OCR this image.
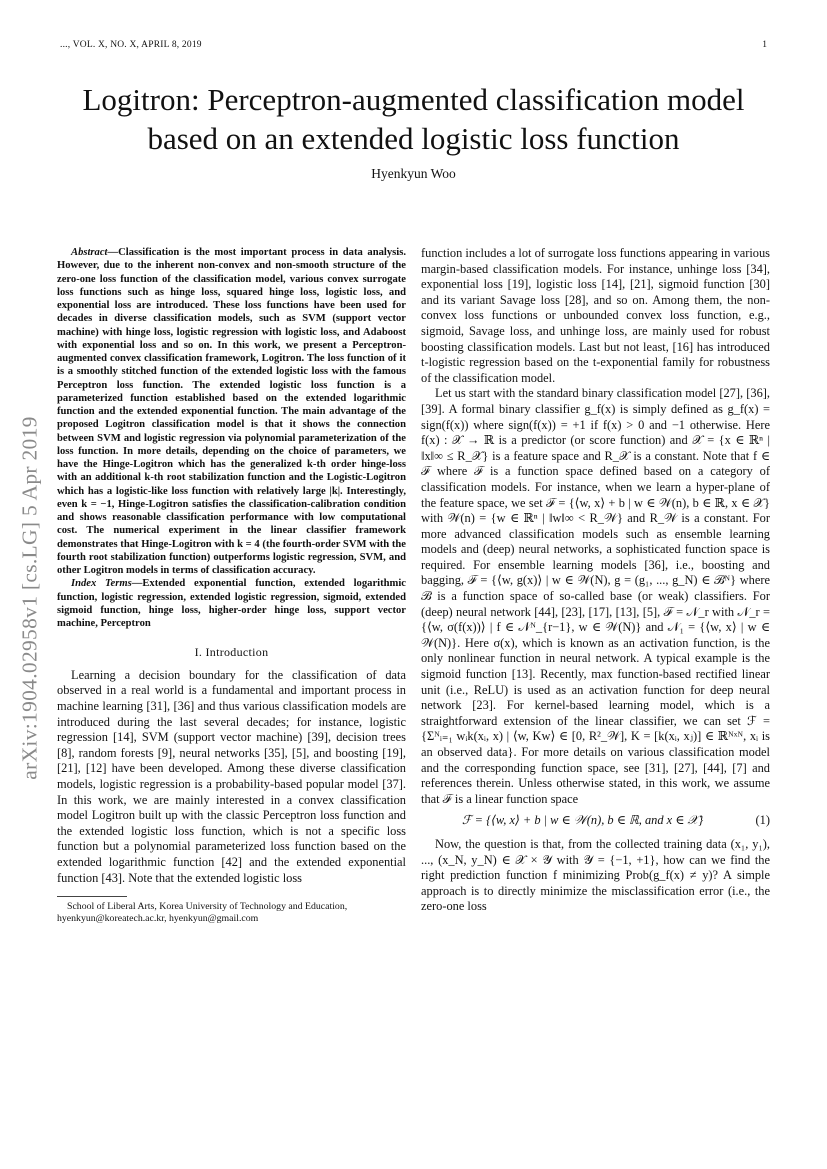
..., VOL. X, NO. X, APRIL 8, 2019	1
Logitron: Perceptron-augmented classification model based on an extended logistic loss function
Hyenkyun Woo
arXiv:1904.02958v1 [cs.LG] 5 Apr 2019

Abstract—Classification is the most important process in data analysis. However, due to the inherent non-convex and non-smooth structure of the zero-one loss function of the classification model, various convex surrogate loss functions such as hinge loss, squared hinge loss, logistic loss, and exponential loss are introduced. These loss functions have been used for decades in diverse classification models, such as SVM (support vector machine) with hinge loss, logistic regression with logistic loss, and Adaboost with exponential loss and so on. In this work, we present a Perceptron-augmented convex classification framework, Logitron. The loss function of it is a smoothly stitched function of the extended logistic loss with the famous Perceptron loss function. The extended logistic loss function is a parameterized function established based on the extended logarithmic function and the extended exponential function. The main advantage of the proposed Logitron classification model is that it shows the connection between SVM and logistic regression via polynomial parameterization of the loss function. In more details, depending on the choice of parameters, we have the Hinge-Logitron which has the generalized k-th order hinge-loss with an additional k-th root stabilization function and the Logistic-Logitron which has a logistic-like loss function with relatively large |k|. Interestingly, even k = −1, Hinge-Logitron satisfies the classification-calibration condition and shows reasonable classification performance with low computational cost. The numerical experiment in the linear classifier framework demonstrates that Hinge-Logitron with k = 4 (the fourth-order SVM with the fourth root stabilization function) outperforms logistic regression, SVM, and other Logitron models in terms of classification accuracy.

Index Terms—Extended exponential function, extended logarithmic function, logistic regression, extended logistic regression, sigmoid, extended sigmoid function, hinge loss, higher-order hinge loss, support vector machine, Perceptron

I. Introduction

Learning a decision boundary for the classification of data observed in a real world is a fundamental and important process in machine learning [31], [36] and thus various classification models are introduced during the last several decades; for instance, logistic regression [14], SVM (support vector machine) [39], decision trees [8], random forests [9], neural networks [35], [5], and boosting [19], [21], [12] have been developed. Among these diverse classification models, logistic regression is a probability-based popular model [37]. In this work, we are mainly interested in a convex classification model Logitron built up with the classic Perceptron loss function and the extended logistic loss function, which is not a specific loss function but a polynomial parameterized loss function based on the extended logarithmic function [42] and the extended exponential function [43]. Note that the extended logistic loss

School of Liberal Arts, Korea University of Technology and Education, hyenkyun@koreatech.ac.kr, hyenkyun@gmail.com

function includes a lot of surrogate loss functions appearing in various margin-based classification models. For instance, unhinge loss [34], exponential loss [19], logistic loss [14], [21], sigmoid function [30] and its variant Savage loss [28], and so on. Among them, the non-convex loss functions or unbounded convex loss function, e.g., sigmoid, Savage loss, and unhinge loss, are mainly used for robust boosting classification models. Last but not least, [16] has introduced t-logistic regression based on the t-exponential family for robustness of the classification model.

Let us start with the standard binary classification model [27], [36], [39]. A formal binary classifier g_f(x) is simply defined as g_f(x) = sign(f(x)) where sign(f(x)) = +1 if f(x) > 0 and −1 otherwise. Here f(x) : 𝒳 → ℝ is a predictor (or score function) and 𝒳 = {x ∈ ℝⁿ | ‖x‖∞ ≤ R_𝒳} is a feature space and R_𝒳 is a constant. Note that f ∈ ℱ where ℱ is a function space defined based on a category of classification models. For instance, when we learn a hyper-plane of the feature space, we set ℱ = {⟨w, x⟩ + b | w ∈ 𝒲(n), b ∈ ℝ, x ∈ 𝒳} with 𝒲(n) = {w ∈ ℝⁿ | ‖w‖∞ < R_𝒲} and R_𝒲 is a constant. For more advanced classification models such as ensemble learning models and (deep) neural networks, a sophisticated function space is required. For ensemble learning models [36], i.e., boosting and bagging, ℱ = {⟨w, g(x)⟩ | w ∈ 𝒲(N), g = (g₁, ..., g_N) ∈ ℬᴺ} where ℬ is a function space of so-called base (or weak) classifiers. For (deep) neural network [44], [23], [17], [13], [5], ℱ = 𝒩_r with 𝒩_r = {⟨w, σ(f(x))⟩ | f ∈ 𝒩ᴺ_{r−1}, w ∈ 𝒲(N)} and 𝒩₁ = {⟨w, x⟩ | w ∈ 𝒲(N)}. Here σ(x), which is known as an activation function, is the only nonlinear function in neural network. A typical example is the sigmoid function [13]. Recently, max function-based rectified linear unit (i.e., ReLU) is used as an activation function for deep neural network [23]. For kernel-based learning model, which is a straightforward extension of the linear classifier, we can set ℱ = {Σᴺᵢ₌₁ wᵢk(xᵢ, x) | ⟨w, Kw⟩ ∈ [0, R²_𝒲], K = [k(xᵢ, xⱼ)] ∈ ℝᴺˣᴺ, xᵢ is an observed data}. For more details on various classification model and the corresponding function space, see [31], [27], [44], [7] and references therein. Unless otherwise stated, in this work, we assume that ℱ is a linear function space

ℱ = {⟨w, x⟩ + b | w ∈ 𝒲(n), b ∈ ℝ, and x ∈ 𝒳}	(1)

Now, the question is that, from the collected training data (x₁, y₁), ..., (x_N, y_N) ∈ 𝒳 × 𝒴 with 𝒴 = {−1, +1}, how can we find the right prediction function f minimizing Prob(g_f(x) ≠ y)? A simple approach is to directly minimize the misclassification error (i.e., the zero-one loss
